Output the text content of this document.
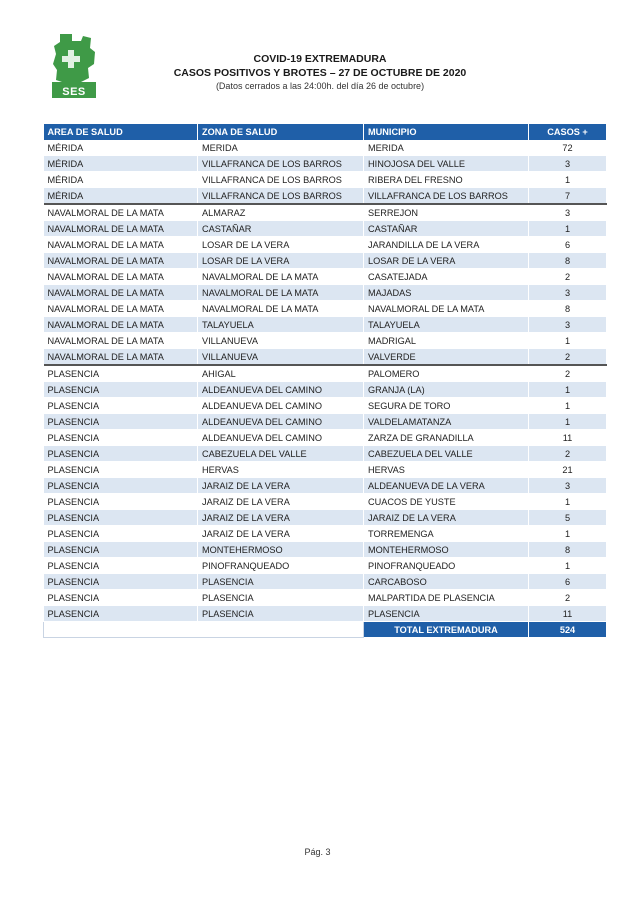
SES
COVID-19 EXTREMADURA
CASOS POSITIVOS Y BROTES – 27 DE OCTUBRE DE 2020
(Datos cerrados a las 24:00h. del día 26 de octubre)
AREA DE SALUD	ZONA DE SALUD	MUNICIPIO	CASOS +
MÉRIDA	MERIDA	MERIDA	72
MÉRIDA	VILLAFRANCA DE LOS BARROS	HINOJOSA DEL VALLE	3
MÉRIDA	VILLAFRANCA DE LOS BARROS	RIBERA DEL FRESNO	1
MÉRIDA	VILLAFRANCA DE LOS BARROS	VILLAFRANCA DE LOS BARROS	7
NAVALMORAL DE LA MATA	ALMARAZ	SERREJON	3
NAVALMORAL DE LA MATA	CASTAÑAR	CASTAÑAR	1
NAVALMORAL DE LA MATA	LOSAR DE LA VERA	JARANDILLA DE LA VERA	6
NAVALMORAL DE LA MATA	LOSAR DE LA VERA	LOSAR DE LA VERA	8
NAVALMORAL DE LA MATA	NAVALMORAL DE LA MATA	CASATEJADA	2
NAVALMORAL DE LA MATA	NAVALMORAL DE LA MATA	MAJADAS	3
NAVALMORAL DE LA MATA	NAVALMORAL DE LA MATA	NAVALMORAL DE LA MATA	8
NAVALMORAL DE LA MATA	TALAYUELA	TALAYUELA	3
NAVALMORAL DE LA MATA	VILLANUEVA	MADRIGAL	1
NAVALMORAL DE LA MATA	VILLANUEVA	VALVERDE	2
PLASENCIA	AHIGAL	PALOMERO	2
PLASENCIA	ALDEANUEVA DEL CAMINO	GRANJA (LA)	1
PLASENCIA	ALDEANUEVA DEL CAMINO	SEGURA DE TORO	1
PLASENCIA	ALDEANUEVA DEL CAMINO	VALDELAMATANZA	1
PLASENCIA	ALDEANUEVA DEL CAMINO	ZARZA DE GRANADILLA	11
PLASENCIA	CABEZUELA DEL VALLE	CABEZUELA DEL VALLE	2
PLASENCIA	HERVAS	HERVAS	21
PLASENCIA	JARAIZ DE LA VERA	ALDEANUEVA DE LA VERA	3
PLASENCIA	JARAIZ DE LA VERA	CUACOS DE YUSTE	1
PLASENCIA	JARAIZ DE LA VERA	JARAIZ DE LA VERA	5
PLASENCIA	JARAIZ DE LA VERA	TORREMENGA	1
PLASENCIA	MONTEHERMOSO	MONTEHERMOSO	8
PLASENCIA	PINOFRANQUEADO	PINOFRANQUEADO	1
PLASENCIA	PLASENCIA	CARCABOSO	6
PLASENCIA	PLASENCIA	MALPARTIDA DE PLASENCIA	2
PLASENCIA	PLASENCIA	PLASENCIA	11
		TOTAL EXTREMADURA	524
Pág. 3
